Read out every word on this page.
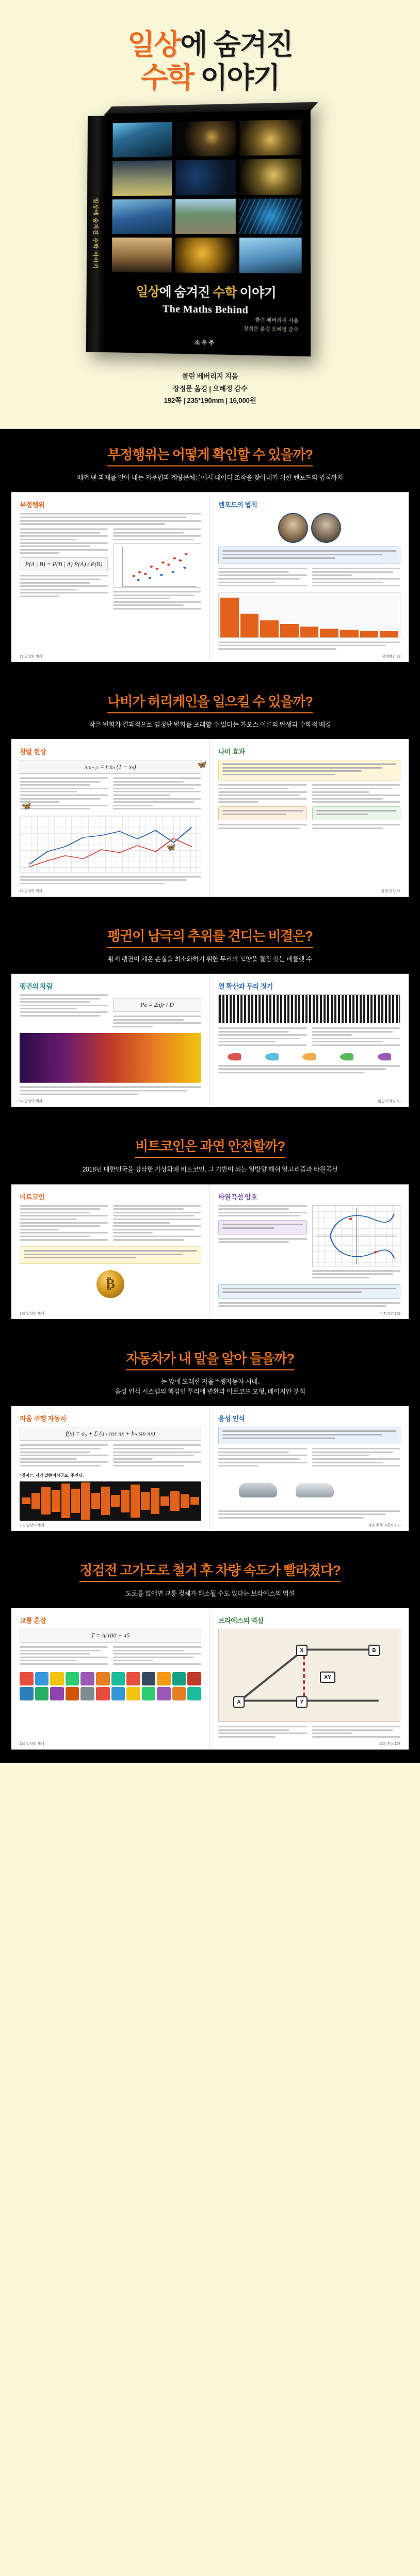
일상에 숨겨진
수학 이야기
일상에 숨겨진 수학 이야기
일상에 숨겨진 수학 이야기
The Maths Behind
콜린 베버리지 지음
장정문 옮김 오혜정 감수
소우주
콜린 베버리지 지음
장정문 옮김 | 오혜정 감수
192쪽 | 235*190mm | 16,000원
부정행위는 어떻게 확인할 수 있을까?
베껴 낸 과제를 알아 내는 지문법과 계량문체론에서 데이터 조작을 찾아내기 위한 벤포드의 법칙까지
부정행위
P(A | B) = P(B | A) P(A) / P(B)
22 일상의 세계
벤포드의 법칙
부정행위 23
나비가 허리케인을 일으킬 수 있을까?
작은 변화가 결과적으로 엄청난 변화를 초래할 수 있다는 카오스 이론의 탄생과 수학적 배경
창발 현상
x₍ₙ₊₁₎ = r xₙ (1 − xₙ)
46 일상의 세계
나비 효과
창발 현상 47
🦋
🦋
🦋
펭귄이 남극의 추위를 견디는 비결은?
황제 펭귄이 체온 손실을 최소화하기 위한 무리의 모양을 결정 짓는 페클렛 수
펭귄의 차림
Pe = 2πfr / D
62 일상의 세계
열 확산과 무리 짓기
펭귄의 차림 63
비트코인은 과연 안전할까?
2018년 대한민국을 강타한 가상화폐 비트코인. 그 기반이 되는 일방향 해쉬 알고리즘과 타원곡선
비트코인
₿
108 일상의 세계
타원곡선 암호
비트코인 109
자동차가 내 말을 알아 들을까?
눈 앞에 도래한 자율주행자동차 시대.
음성 인식 시스템의 핵심인 푸리에 변환과 마르코프 모형, 베이지안 분석
자율 주행 자동차
f(x) = a₀ + Σ (aₙ cos nx + bₙ sin nx)
"정지!", 저의 말씀이시군요, 주인님.
132 일상의 세계
음성 인식
자율 주행 자동차 133
징검전 고가도로 철거 후 차량 속도가 빨라졌다?
도로를 없애면 교통 정체가 해소될 수도 있다는 브라에스의 역설
교통 혼잡
T = A/100 + 45
156 일상의 세계
브라에스의 역설
A
X
Y
B
XY
교통 혼잡 157
